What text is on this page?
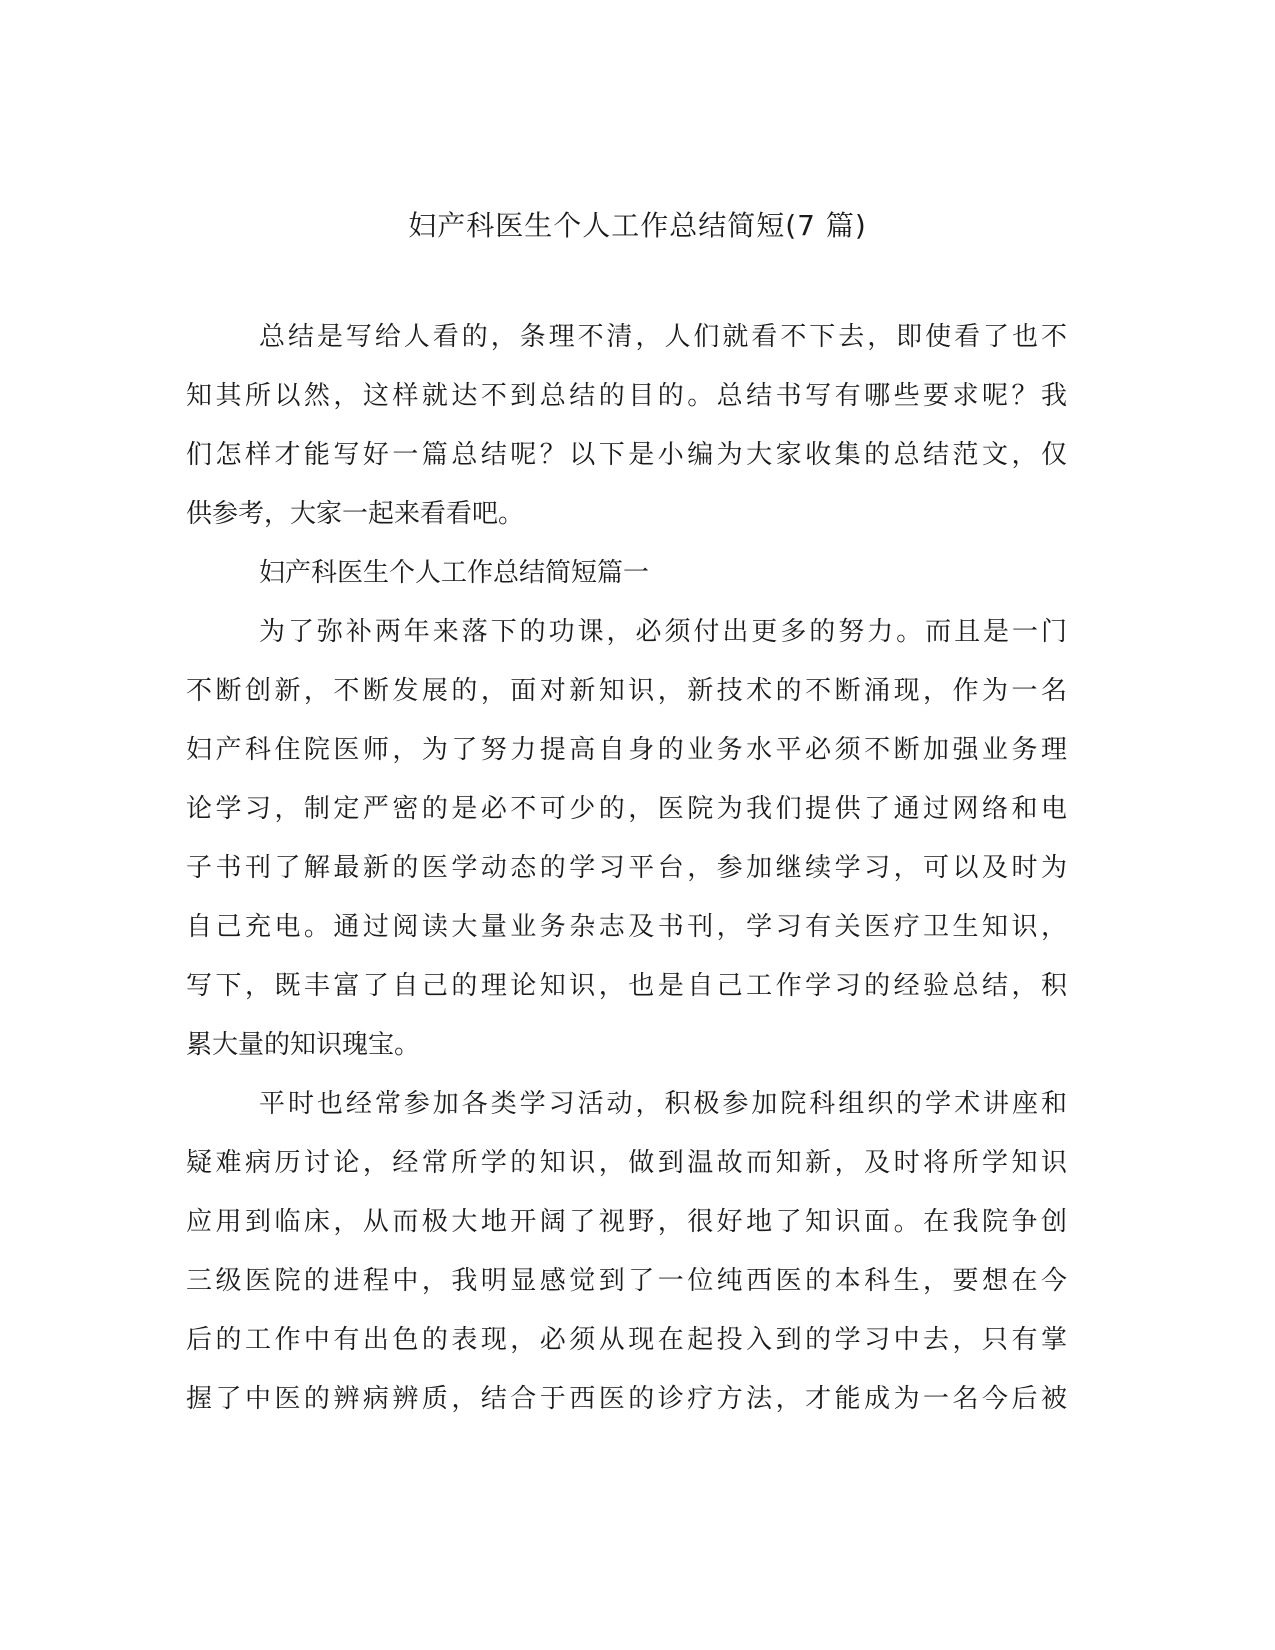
妇产科医生个人工作总结简短(7 篇)

总结是写给人看的，条理不清，人们就看不下去，即使看了也不

知其所以然，这样就达不到总结的目的。总结书写有哪些要求呢？我

们怎样才能写好一篇总结呢？以下是小编为大家收集的总结范文，仅

供参考，大家一起来看看吧。

妇产科医生个人工作总结简短篇一

为了弥补两年来落下的功课，必须付出更多的努力。而且是一门

不断创新，不断发展的，面对新知识，新技术的不断涌现，作为一名

妇产科住院医师，为了努力提高自身的业务水平必须不断加强业务理

论学习，制定严密的是必不可少的，医院为我们提供了通过网络和电

子书刊了解最新的医学动态的学习平台，参加继续学习，可以及时为

自己充电。通过阅读大量业务杂志及书刊，学习有关医疗卫生知识，

写下，既丰富了自己的理论知识，也是自己工作学习的经验总结，积

累大量的知识瑰宝。

平时也经常参加各类学习活动，积极参加院科组织的学术讲座和

疑难病历讨论，经常所学的知识，做到温故而知新，及时将所学知识

应用到临床，从而极大地开阔了视野，很好地了知识面。在我院争创

三级医院的进程中，我明显感觉到了一位纯西医的本科生，要想在今

后的工作中有出色的表现，必须从现在起投入到的学习中去，只有掌

握了中医的辨病辨质，结合于西医的诊疗方法，才能成为一名今后被
